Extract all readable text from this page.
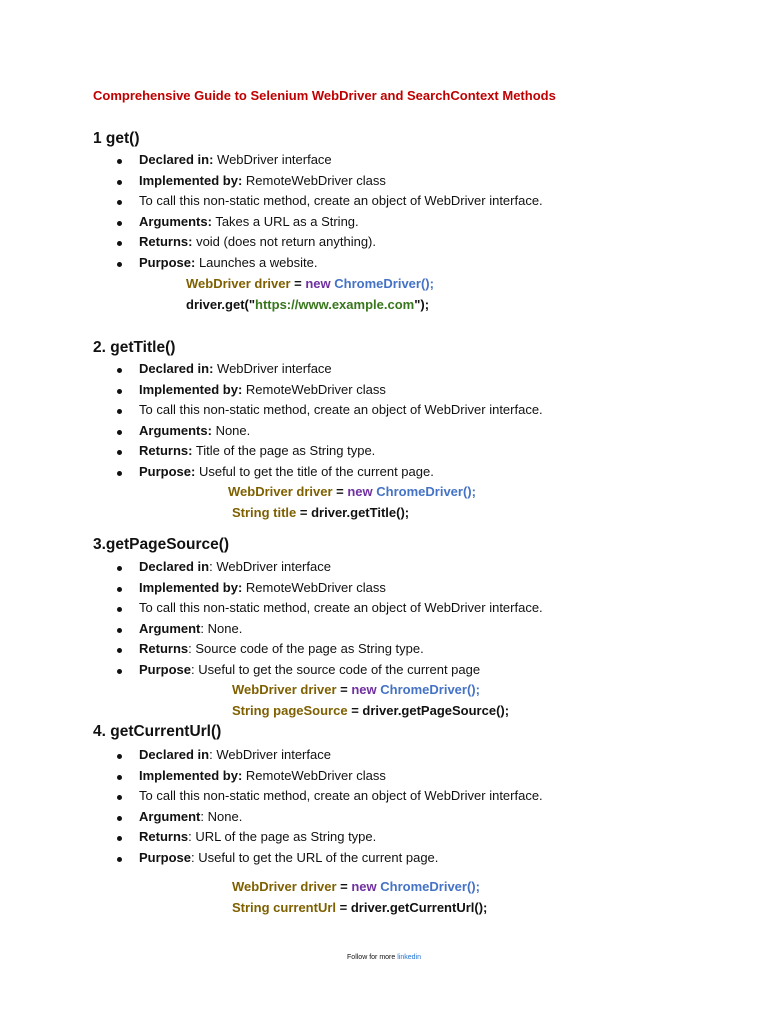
Comprehensive Guide to Selenium WebDriver and SearchContext Methods
1 get()
Declared in: WebDriver interface
Implemented by: RemoteWebDriver class
To call this non-static method, create an object of WebDriver interface.
Arguments: Takes a URL as a String.
Returns: void (does not return anything).
Purpose: Launches a website.
WebDriver driver = new ChromeDriver();
driver.get("https://www.example.com");
2. getTitle()
Declared in: WebDriver interface
Implemented by: RemoteWebDriver class
To call this non-static method, create an object of WebDriver interface.
Arguments: None.
Returns: Title of the page as String type.
Purpose: Useful to get the title of the current page.
WebDriver driver = new ChromeDriver();
String title = driver.getTitle();
3.getPageSource()
Declared in: WebDriver interface
Implemented by: RemoteWebDriver class
To call this non-static method, create an object of WebDriver interface.
Argument: None.
Returns: Source code of the page as String type.
Purpose: Useful to get the source code of the current page
WebDriver driver = new ChromeDriver();
String pageSource = driver.getPageSource();
4. getCurrentUrl()
Declared in: WebDriver interface
Implemented by: RemoteWebDriver class
To call this non-static method, create an object of WebDriver interface.
Argument: None.
Returns: URL of the page as String type.
Purpose: Useful to get the URL of the current page.
WebDriver driver = new ChromeDriver();
String currentUrl = driver.getCurrentUrl();
Follow for more linkedin
